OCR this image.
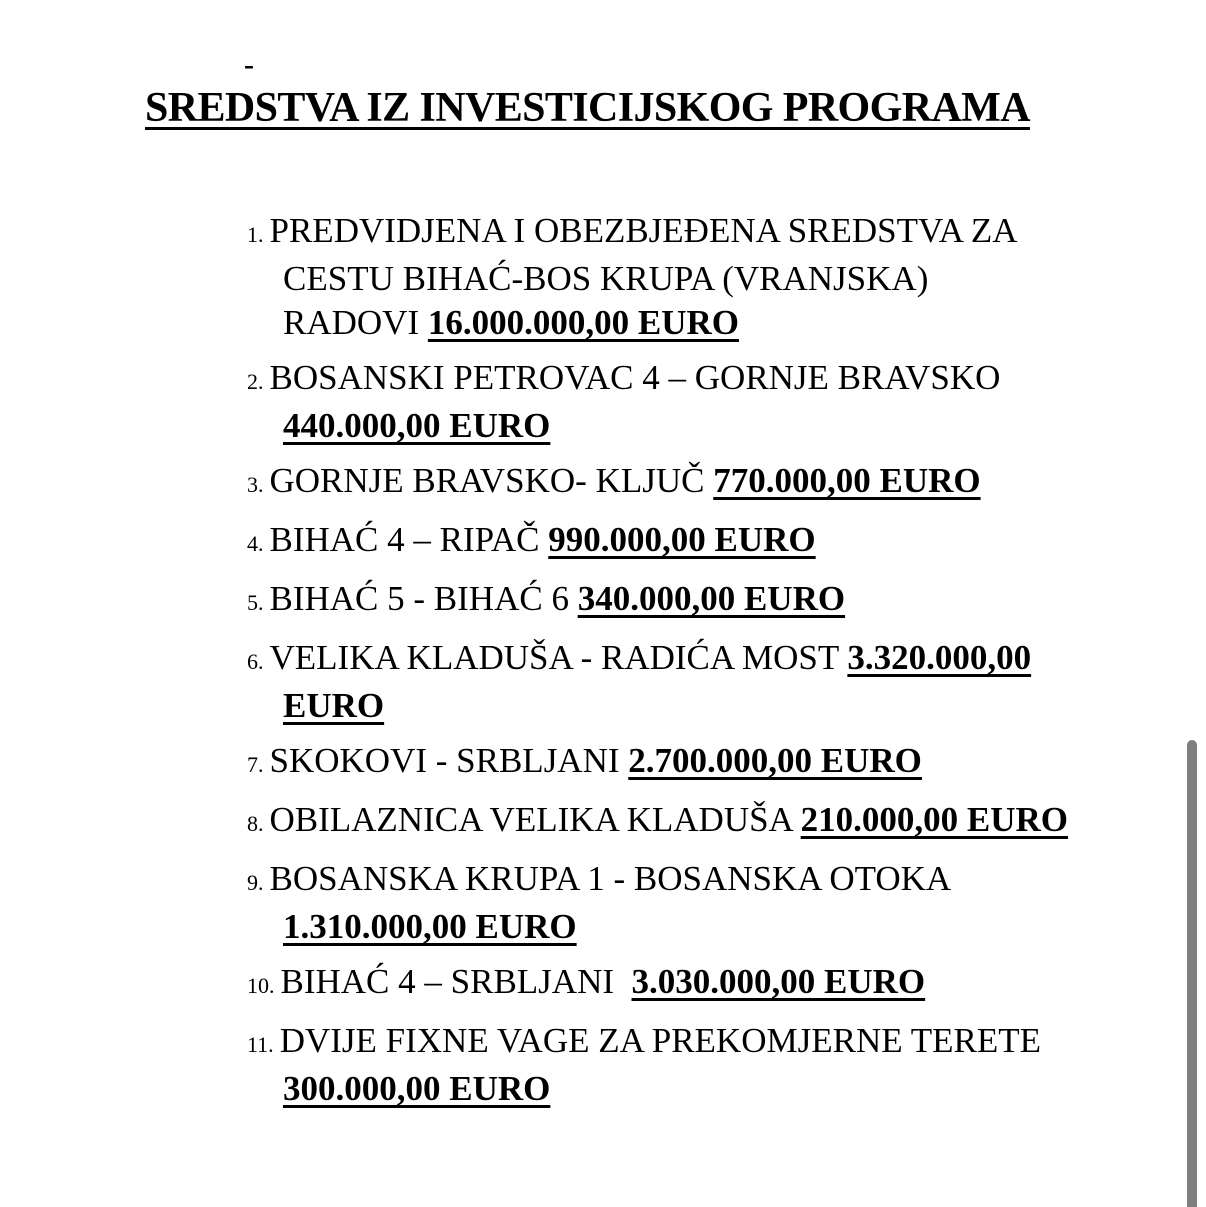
-
SREDSTVA IZ INVESTICIJSKOG PROGRAMA
1. PREDVIDJENA I OBEZBJEĐENA SREDSTVA ZA CESTU BIHAĆ-BOS KRUPA (VRANJSKA) RADOVI 16.000.000,00 EURO
2. BOSANSKI PETROVAC 4 – GORNJE BRAVSKO 440.000,00 EURO
3. GORNJE BRAVSKO- KLJUČ 770.000,00 EURO
4. BIHAĆ 4 – RIPAČ 990.000,00 EURO
5. BIHAĆ 5 - BIHAĆ 6 340.000,00 EURO
6. VELIKA KLADUŠA - RADIĆA MOST 3.320.000,00 EURO
7. SKOKOVI - SRBLJANI 2.700.000,00 EURO
8. OBILAZNICA VELIKA KLADUŠA 210.000,00 EURO
9. BOSANSKA KRUPA 1 - BOSANSKA OTOKA 1.310.000,00 EURO
10. BIHAĆ 4 – SRBLJANI  3.030.000,00 EURO
11. DVIJE FIXNE VAGE ZA PREKOMJERNE TERETE 300.000,00 EURO
